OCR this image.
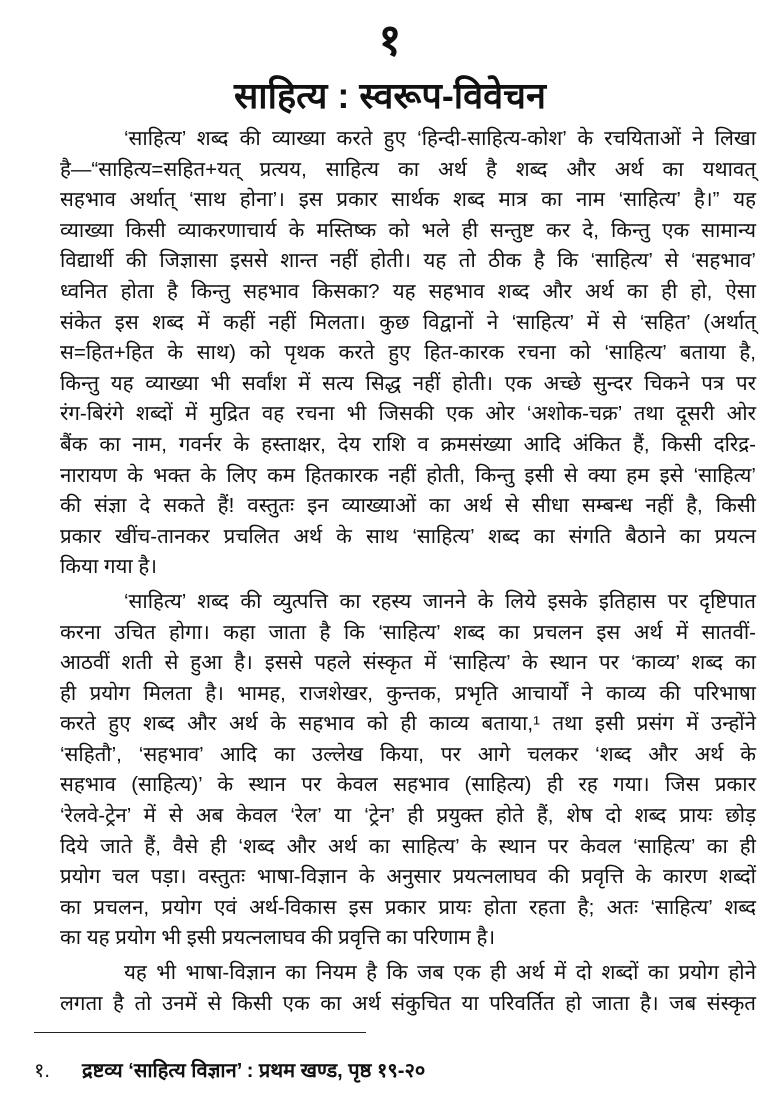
१
साहित्य : स्वरूप-विवेचन
‘साहित्य’ शब्द की व्याख्या करते हुए ‘हिन्दी-साहित्य-कोश’ के रचयिताओं ने लिखा
है—“साहित्य=सहित+यत् प्रत्यय, साहित्य का अर्थ है शब्द और अर्थ का यथावत्
सहभाव अर्थात् ‘साथ होना’। इस प्रकार सार्थक शब्द मात्र का नाम ‘साहित्य’ है।” यह
व्याख्या किसी व्याकरणाचार्य के मस्तिष्क को भले ही सन्तुष्ट कर दे, किन्तु एक सामान्य
विद्यार्थी की जिज्ञासा इससे शान्त नहीं होती। यह तो ठीक है कि ‘साहित्य’ से ‘सहभाव’
ध्वनित होता है किन्तु सहभाव किसका? यह सहभाव शब्द और अर्थ का ही हो, ऐसा
संकेत इस शब्द में कहीं नहीं मिलता। कुछ विद्वानों ने ‘साहित्य’ में से ‘सहित’ (अर्थात्
स=हित+हित के साथ) को पृथक करते हुए हित-कारक रचना को ‘साहित्य’ बताया है,
किन्तु यह व्याख्या भी सर्वांश में सत्य सिद्ध नहीं होती। एक अच्छे सुन्दर चिकने पत्र पर
रंग-बिरंगे शब्दों में मुद्रित वह रचना भी जिसकी एक ओर ‘अशोक-चक्र’ तथा दूसरी ओर
बैंक का नाम, गवर्नर के हस्ताक्षर, देय राशि व क्रमसंख्या आदि अंकित हैं, किसी दरिद्र-
नारायण के भक्त के लिए कम हितकारक नहीं होती, किन्तु इसी से क्या हम इसे ‘साहित्य’
की संज्ञा दे सकते हैं! वस्तुतः इन व्याख्याओं का अर्थ से सीधा सम्बन्ध नहीं है, किसी
प्रकार खींच-तानकर प्रचलित अर्थ के साथ ‘साहित्य’ शब्द का संगति बैठाने का प्रयत्न
किया गया है।
‘साहित्य’ शब्द की व्युत्पत्ति का रहस्य जानने के लिये इसके इतिहास पर दृष्टिपात
करना उचित होगा। कहा जाता है कि ‘साहित्य’ शब्द का प्रचलन इस अर्थ में सातवीं-
आठवीं शती से हुआ है। इससे पहले संस्कृत में ‘साहित्य’ के स्थान पर ‘काव्य’ शब्द का
ही प्रयोग मिलता है। भामह, राजशेखर, कुन्तक, प्रभृति आचार्यों ने काव्य की परिभाषा
करते हुए शब्द और अर्थ के सहभाव को ही काव्य बताया,¹ तथा इसी प्रसंग में उन्होंने
‘सहितौ’, ‘सहभाव’ आदि का उल्लेख किया, पर आगे चलकर ‘शब्द और अर्थ के
सहभाव (साहित्य)’ के स्थान पर केवल सहभाव (साहित्य) ही रह गया। जिस प्रकार
‘रेलवे-ट्रेन’ में से अब केवल ‘रेल’ या ‘ट्रेन’ ही प्रयुक्त होते हैं, शेष दो शब्द प्रायः छोड़
दिये जाते हैं, वैसे ही ‘शब्द और अर्थ का साहित्य’ के स्थान पर केवल ‘साहित्य’ का ही
प्रयोग चल पड़ा। वस्तुतः भाषा-विज्ञान के अनुसार प्रयत्नलाघव की प्रवृत्ति के कारण शब्दों
का प्रचलन, प्रयोग एवं अर्थ-विकास इस प्रकार प्रायः होता रहता है; अतः ‘साहित्य’ शब्द
का यह प्रयोग भी इसी प्रयत्नलाघव की प्रवृत्ति का परिणाम है।
यह भी भाषा-विज्ञान का नियम है कि जब एक ही अर्थ में दो शब्दों का प्रयोग होने
लगता है तो उनमें से किसी एक का अर्थ संकुचित या परिवर्तित हो जाता है। जब संस्कृत
१. द्रष्टव्य ‘साहित्य विज्ञान’ : प्रथम खण्ड, पृष्ठ १९-२०
